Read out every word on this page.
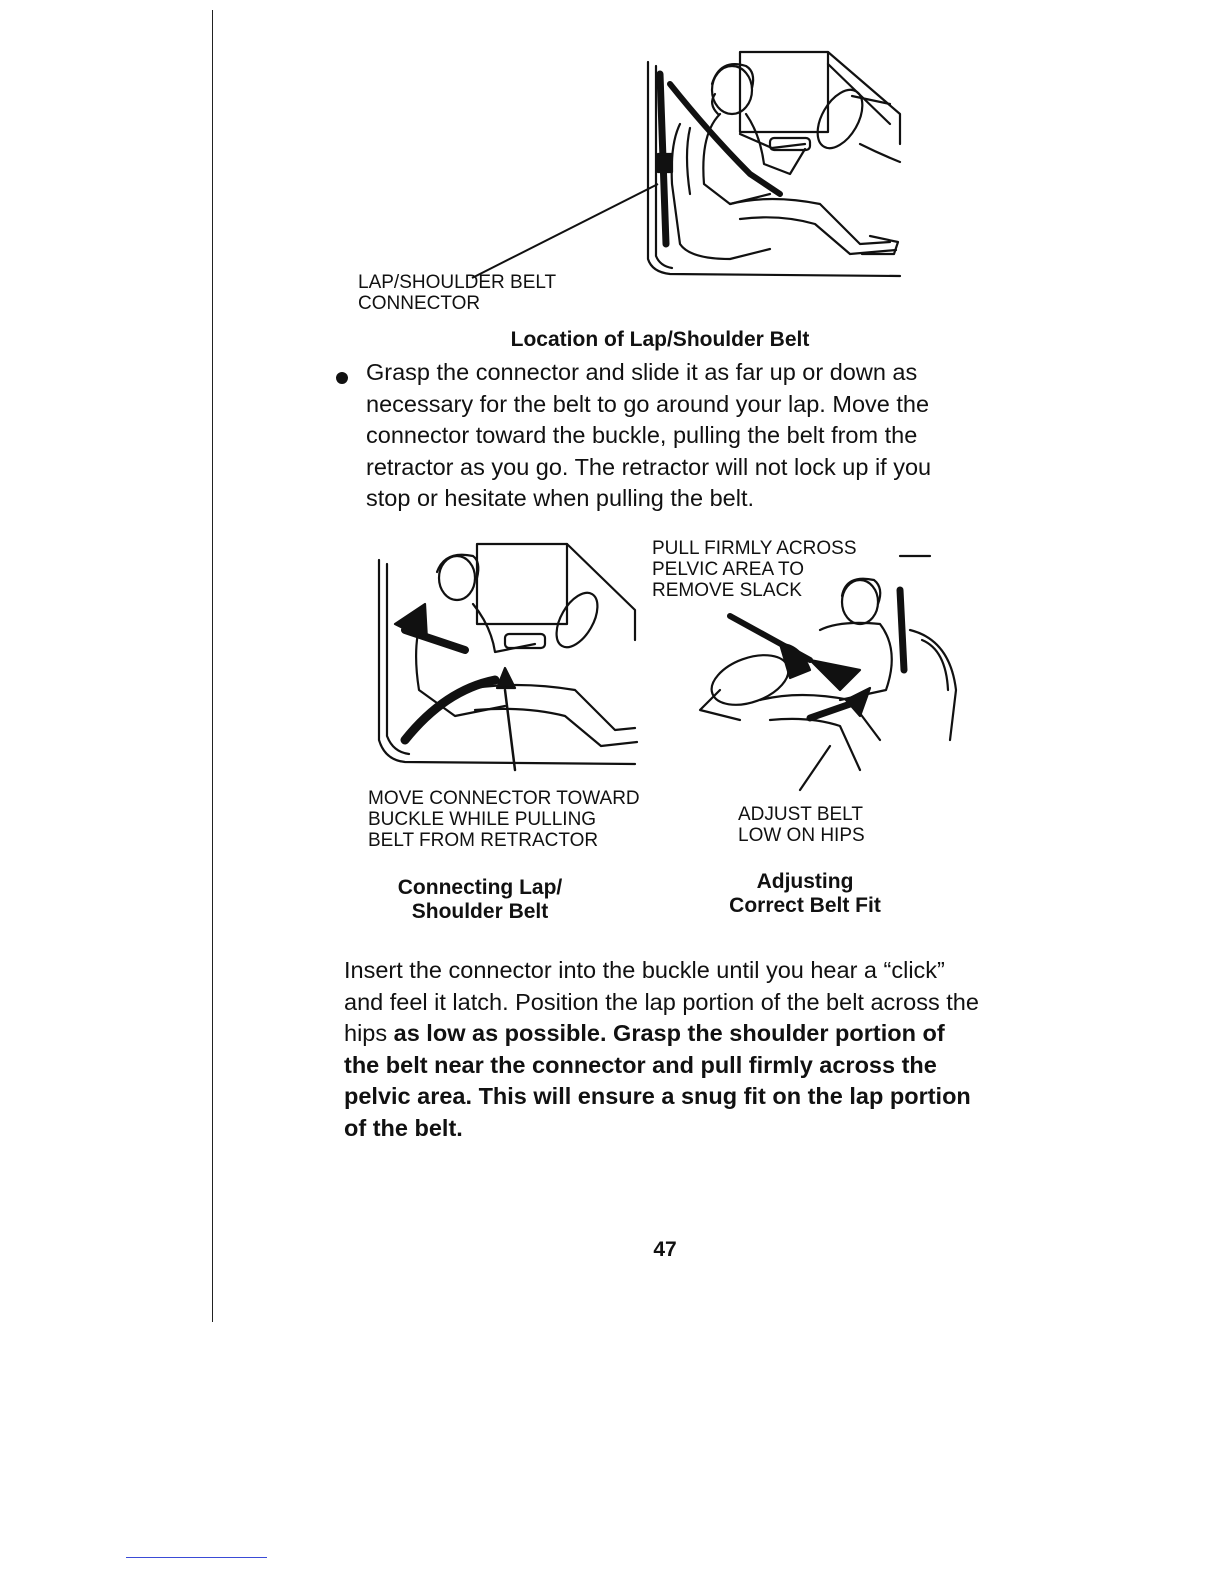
LAP/SHOULDER BELT
CONNECTOR
Location of Lap/Shoulder Belt
Grasp the connector and slide it as far up or down as necessary for the belt to go around your lap. Move the connector toward the buckle, pulling the belt from the retractor as you go. The retractor will not lock up if you stop or hesitate when pulling the belt.
MOVE CONNECTOR TOWARD
BUCKLE WHILE PULLING
BELT FROM RETRACTOR
Connecting Lap/
Shoulder Belt
PULL FIRMLY ACROSS
PELVIC AREA TO
REMOVE SLACK
ADJUST BELT
LOW ON HIPS
Adjusting
Correct Belt Fit
Insert the connector into the buckle until you hear a “click” and feel it latch. Position the lap portion of the belt across the hips as low as possible. Grasp the shoulder portion of the belt near the connector and pull firmly across the pelvic area. This will ensure a snug fit on the lap portion of the belt.
47
